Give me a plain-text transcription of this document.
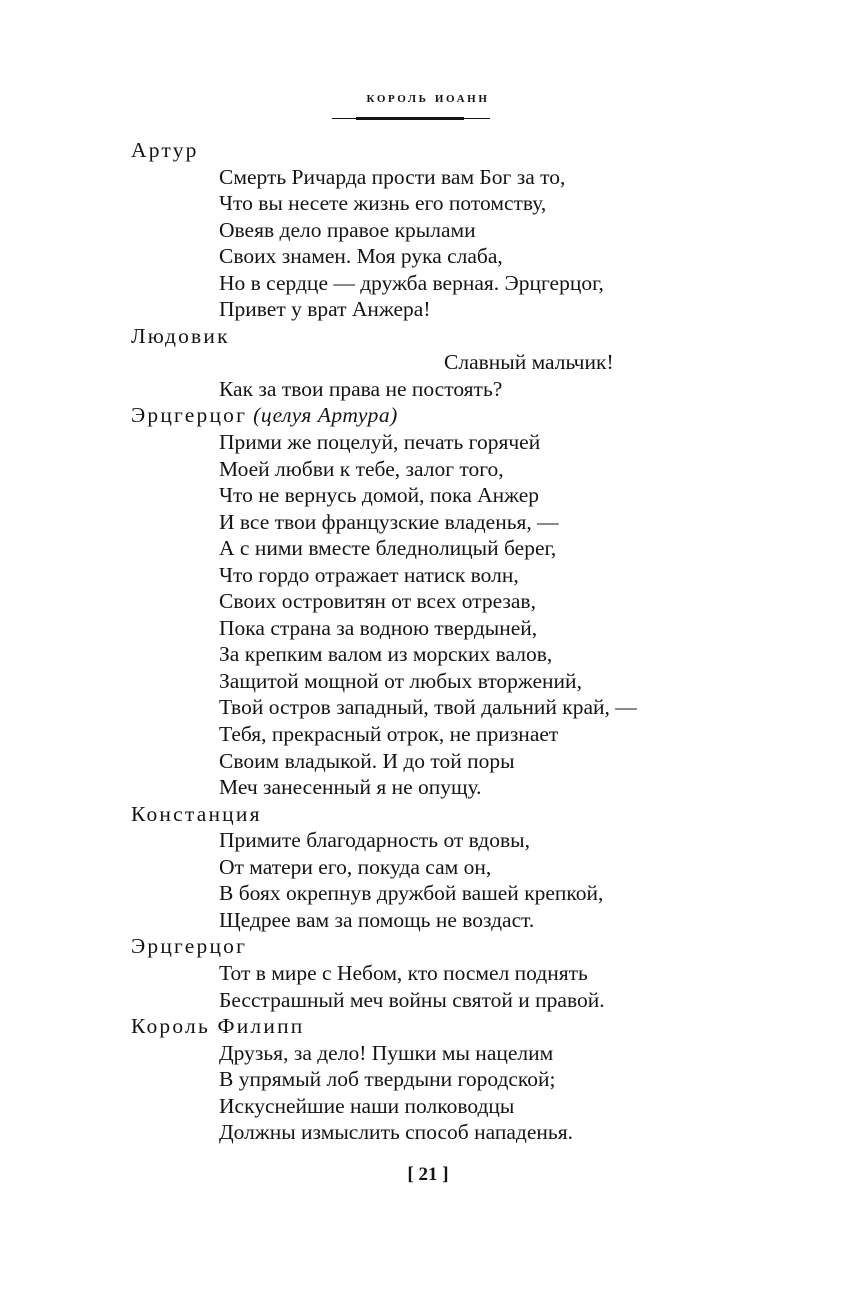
король иоанн
Артур
Смерть Ричарда прости вам Бог за то,
Что вы несете жизнь его потомству,
Овеяв дело правое крылами
Своих знамен. Моя рука слаба,
Но в сердце — дружба верная. Эрцгерцог,
Привет у врат Анжера!
Людовик
Славный мальчик!
Как за твои права не постоять?
Эрцгерцог (целуя Артура)
Прими же поцелуй, печать горячей
Моей любви к тебе, залог того,
Что не вернусь домой, пока Анжер
И все твои французские владенья, —
А с ними вместе бледнолицый берег,
Что гордо отражает натиск волн,
Своих островитян от всех отрезав,
Пока страна за водною твердыней,
За крепким валом из морских валов,
Защитой мощной от любых вторжений,
Твой остров западный, твой дальний край, —
Тебя, прекрасный отрок, не признает
Своим владыкой. И до той поры
Меч занесенный я не опущу.
Констанция
Примите благодарность от вдовы,
От матери его, покуда сам он,
В боях окрепнув дружбой вашей крепкой,
Щедрее вам за помощь не воздаст.
Эрцгерцог
Тот в мире с Небом, кто посмел поднять
Бесстрашный меч войны святой и правой.
Король Филипп
Друзья, за дело! Пушки мы нацелим
В упрямый лоб твердыни городской;
Искуснейшие наши полководцы
Должны измыслить способ нападенья.
[ 21 ]
